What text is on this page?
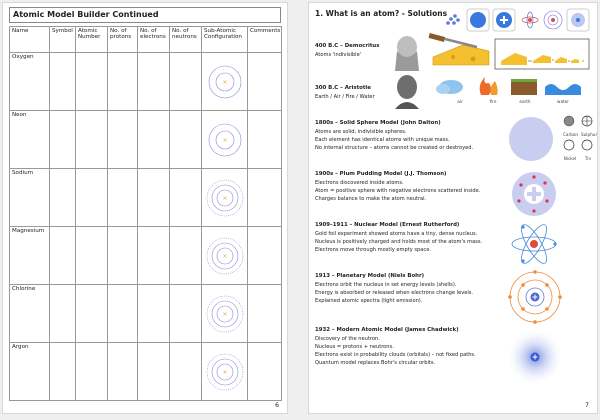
Atomic Model Builder Continued
Name	Symbol	Atomic Number	No. of protons	No. of electrons	No. of neutrons	Sub-Atomic Configuration	Comments
Oxygen						×	

Neon						×	

Sodium						×	

Magnesium						×	

Chlorine						×	

Argon						×	

6
1. What is an atom? - Solutions
400 B.C – Democritus
Atoms 'indivisible'
300 B.C – Aristotle
Earth / Air / Fire / Water
air	fire	earth	water
1800s – Solid Sphere Model (John Dalton)
Atoms are solid, indivisible spheres.
Each element has identical atoms with unique mass.
No internal structure – atoms cannot be created or destroyed.
Carbon Sulphur
Nickel	Tin
1900s – Plum Pudding Model (J.J. Thomson)
Electrons discovered inside atoms.
Atom = positive sphere with negative electrons scattered inside.
Charges balance to make the atom neutral.
1909–1911 – Nuclear Model (Ernest Rutherford)
Gold foil experiment showed atoms have a tiny, dense nucleus.
Nucleus is positively charged and holds most of the atom's mass.
Electrons move through mostly empty space.
1913 – Planetary Model (Niels Bohr)
Electrons orbit the nucleus in set energy levels (shells).
Energy is absorbed or released when electrons change levels.
Explained atomic spectra (light emission).
1932 – Modern Atomic Model (James Chadwick)
Discovery of the neutron.
Nucleus = protons + neutrons.
Electrons exist in probability clouds (orbitals) – not fixed paths.
Quantum model replaces Bohr's circular orbits.
7
